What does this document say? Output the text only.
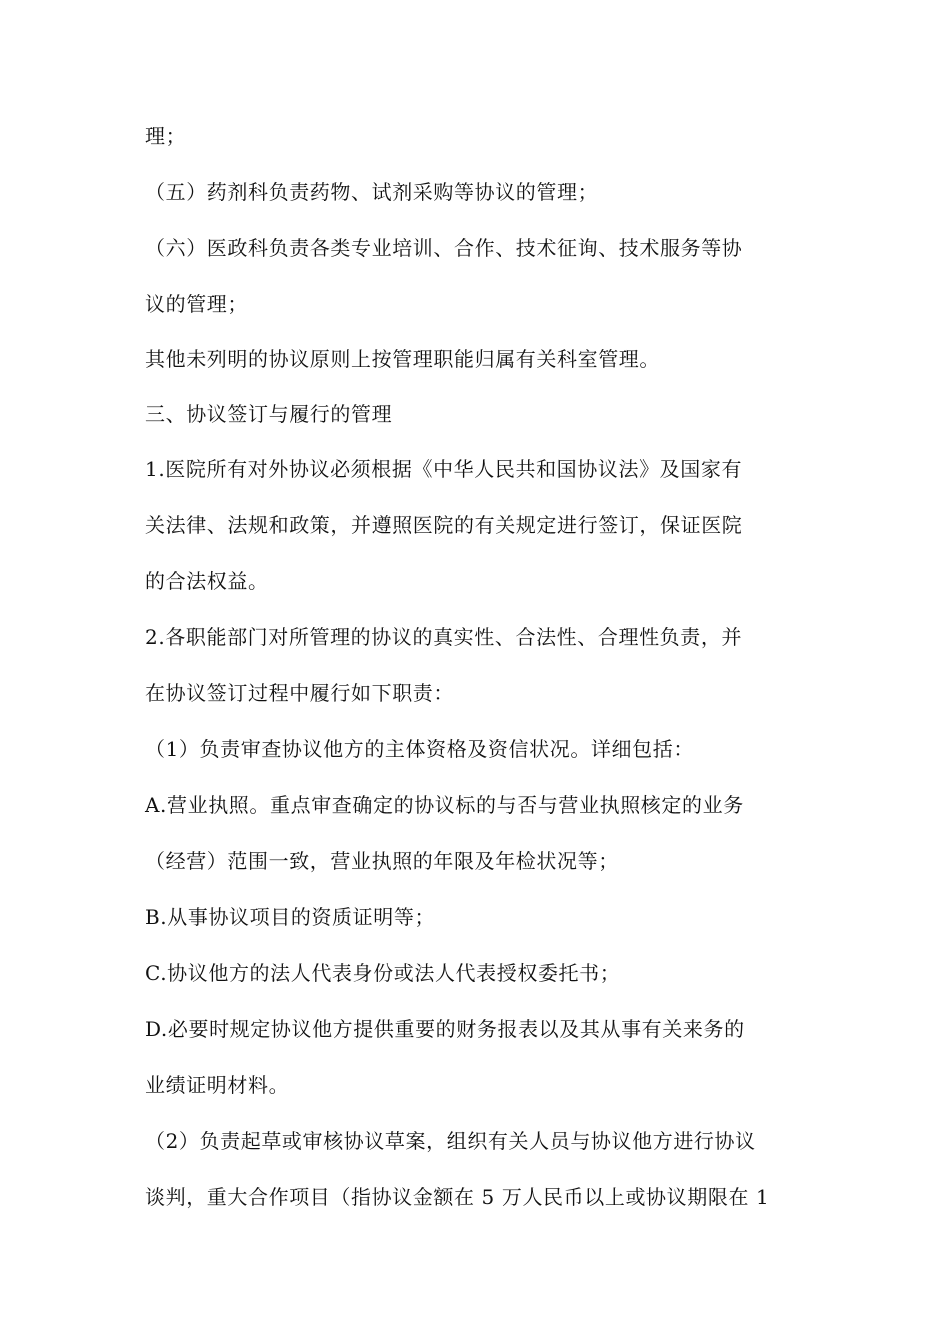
理；
（五）药剂科负责药物、试剂采购等协议的管理；
（六）医政科负责各类专业培训、合作、技术征询、技术服务等协
议的管理；
其他未列明的协议原则上按管理职能归属有关科室管理。
三、协议签订与履行的管理
1.医院所有对外协议必须根据《中华人民共和国协议法》及国家有
关法律、法规和政策，并遵照医院的有关规定进行签订，保证医院
的合法权益。
2.各职能部门对所管理的协议的真实性、合法性、合理性负责，并
在协议签订过程中履行如下职责：
（1）负责审查协议他方的主体资格及资信状况。详细包括：
A.营业执照。重点审查确定的协议标的与否与营业执照核定的业务
（经营）范围一致，营业执照的年限及年检状况等；
B.从事协议项目的资质证明等；
C.协议他方的法人代表身份或法人代表授权委托书；
D.必要时规定协议他方提供重要的财务报表以及其从事有关来务的
业绩证明材料。
（2）负责起草或审核协议草案，组织有关人员与协议他方进行协议
谈判，重大合作项目（指协议金额在 5 万人民币以上或协议期限在 1
